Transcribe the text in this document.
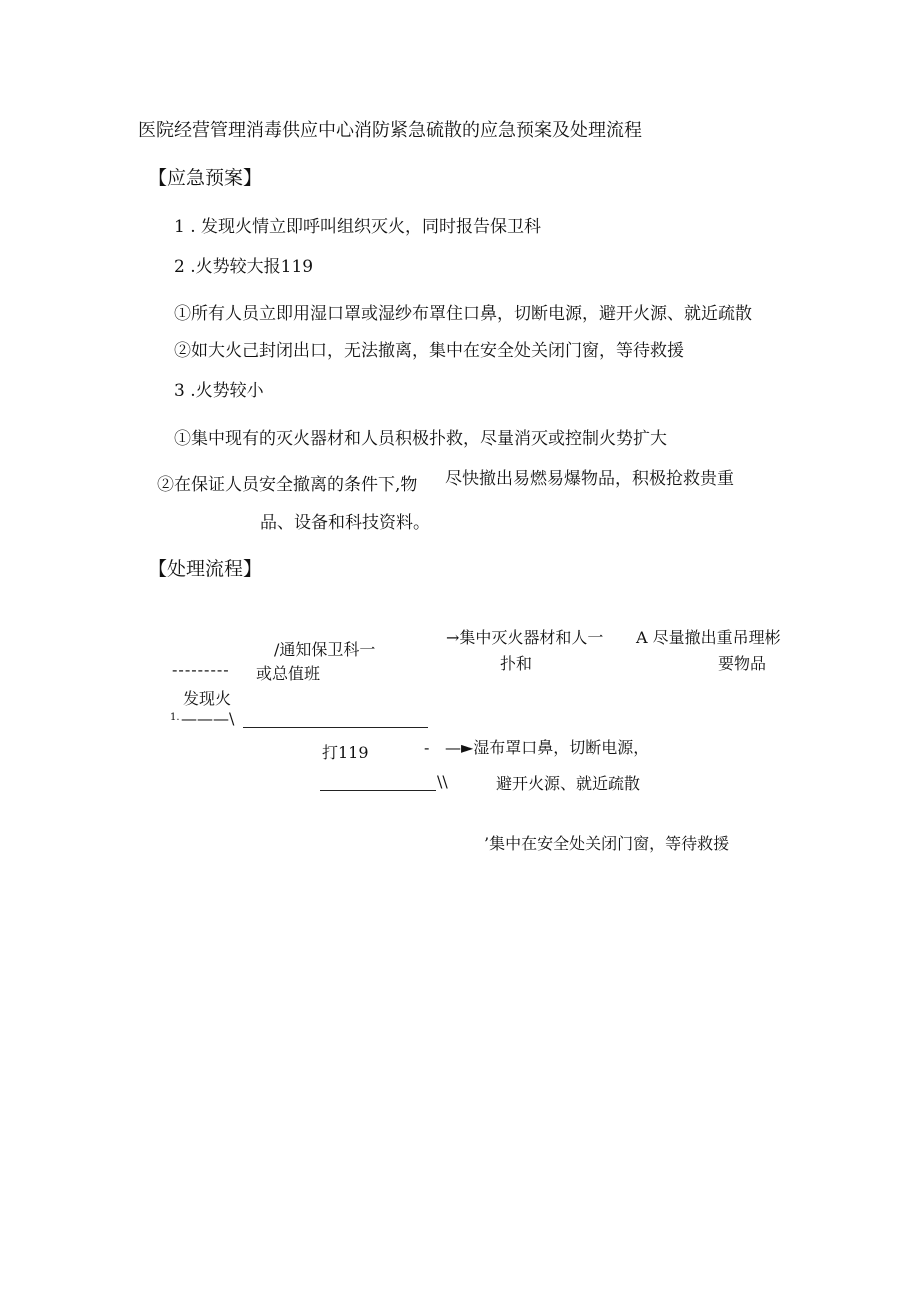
医院经营管理消毒供应中心消防紧急硫散的应急预案及处理流程
【应急预案】
1 . 发现火情立即呼叫组织灭火，同时报告保卫科
2 .火势较大报119
①所有人员立即用湿口罩或湿纱布罩住口鼻，切断电源，避开火源、就近疏散
②如大火己封闭出口，无法撤离，集中在安全处关闭门窗，等待救援
3 .火势较小
①集中现有的灭火器材和人员积极扑救，尽量消灭或控制火势扩大
②在保证人员安全撤离的条件下,物 尽快撤出易燃易爆物品，积极抢救贵重
品、设备和科技资料。
【处理流程】
/通知保卫科一
--------- 或总值班
发现火
1. ———\
打119	-
\\
→集中灭火器材和人一
扑和
A 尽量撤出重吊理彬
要物品
—►湿布罩口鼻，切断电源，
避开火源、就近疏散
’集中在安全处关闭门窗，等待救援
